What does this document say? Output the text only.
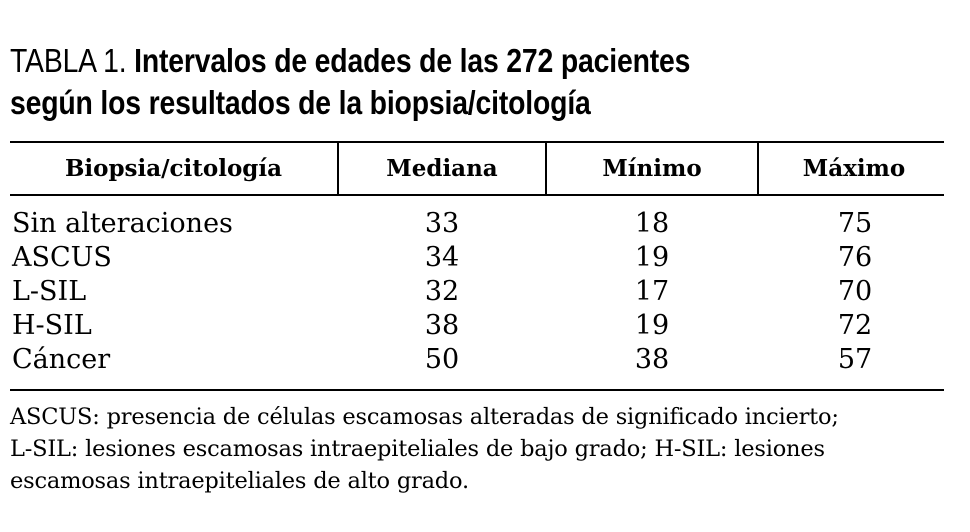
TABLA 1. Intervalos de edades de las 272 pacientes
según los resultados de la biopsia/citología
Biopsia/citología	Mediana	Mínimo	Máximo
Sin alteraciones	33	18	75
ASCUS	34	19	76
L-SIL	32	17	70
H-SIL	38	19	72
Cáncer	50	38	57
ASCUS: presencia de células escamosas alteradas de significado incierto;
L-SIL: lesiones escamosas intraepiteliales de bajo grado; H-SIL: lesiones
escamosas intraepiteliales de alto grado.
